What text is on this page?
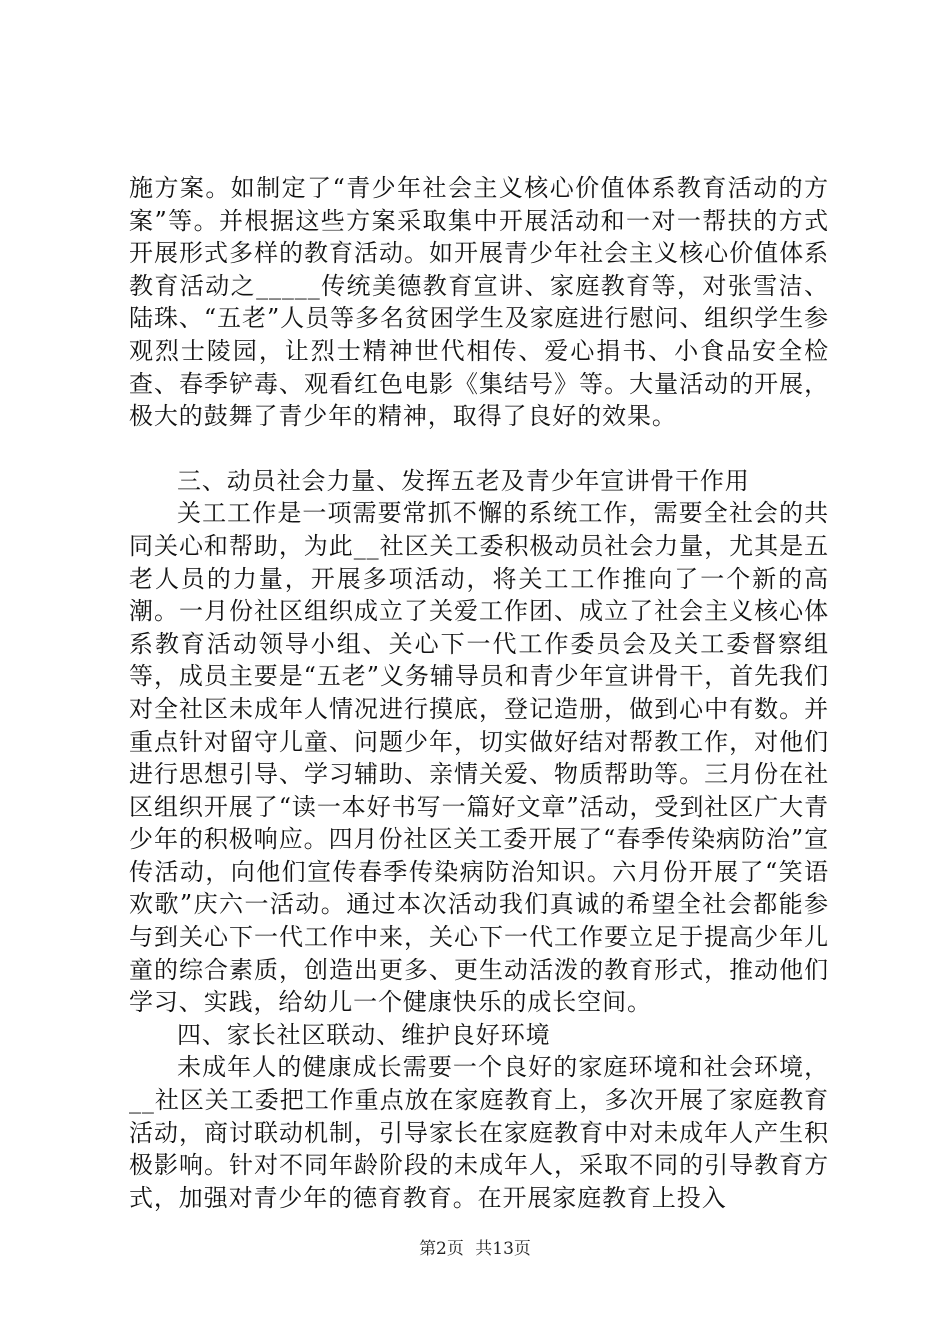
施方案。如制定了“青少年社会主义核心价值体系教育活动的方案”等。并根据这些方案采取集中开展活动和一对一帮扶的方式开展形式多样的教育活动。如开展青少年社会主义核心价值体系教育活动之_____传统美德教育宣讲、家庭教育等，对张雪洁、陆珠、“五老”人员等多名贫困学生及家庭进行慰问、组织学生参观烈士陵园，让烈士精神世代相传、爱心捐书、小食品安全检查、春季铲毒、观看红色电影《集结号》等。大量活动的开展，极大的鼓舞了青少年的精神，取得了良好的效果。

三、动员社会力量、发挥五老及青少年宣讲骨干作用

关工工作是一项需要常抓不懈的系统工作，需要全社会的共同关心和帮助，为此__社区关工委积极动员社会力量，尤其是五老人员的力量，开展多项活动，将关工工作推向了一个新的高潮。一月份社区组织成立了关爱工作团、成立了社会主义核心体系教育活动领导小组、关心下一代工作委员会及关工委督察组等，成员主要是“五老”义务辅导员和青少年宣讲骨干，首先我们对全社区未成年人情况进行摸底，登记造册，做到心中有数。并重点针对留守儿童、问题少年，切实做好结对帮教工作，对他们进行思想引导、学习辅助、亲情关爱、物质帮助等。三月份在社区组织开展了“读一本好书写一篇好文章”活动，受到社区广大青少年的积极响应。四月份社区关工委开展了“春季传染病防治”宣传活动，向他们宣传春季传染病防治知识。六月份开展了“笑语欢歌”庆六一活动。通过本次活动我们真诚的希望全社会都能参与到关心下一代工作中来，关心下一代工作要立足于提高少年儿童的综合素质，创造出更多、更生动活泼的教育形式，推动他们学习、实践，给幼儿一个健康快乐的成长空间。

四、家长社区联动、维护良好环境

未成年人的健康成长需要一个良好的家庭环境和社会环境，__社区关工委把工作重点放在家庭教育上，多次开展了家庭教育活动，商讨联动机制，引导家长在家庭教育中对未成年人产生积极影响。针对不同年龄阶段的未成年人，采取不同的引导教育方式，加强对青少年的德育教育。在开展家庭教育上投入

第2页 共13页
